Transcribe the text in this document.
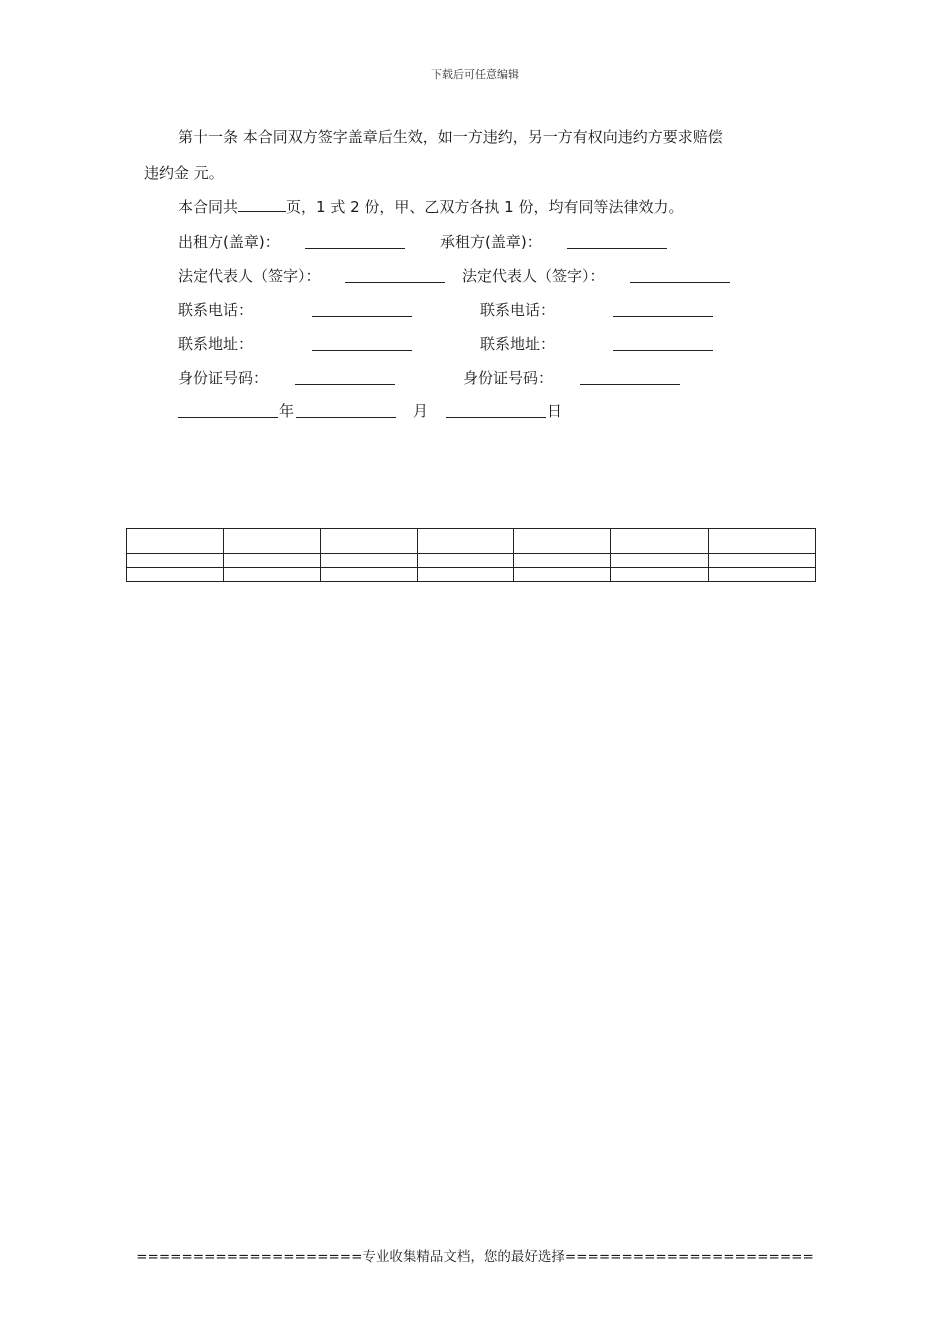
下载后可任意编辑
第十一条 本合同双方签字盖章后生效，如一方违约，另一方有权向违约方要求赔偿
违约金 元。
本合同共	页，1 式 2 份，甲、乙双方各执 1 份，均有同等法律效力。
出租方(盖章)：	承租方(盖章)：
法定代表人（签字）：	法定代表人（签字）：
联系电话：	联系电话：
联系地址：	联系地址：
身份证号码：	身份证号码：
年	月	日

====================专业收集精品文档，您的最好选择======================
